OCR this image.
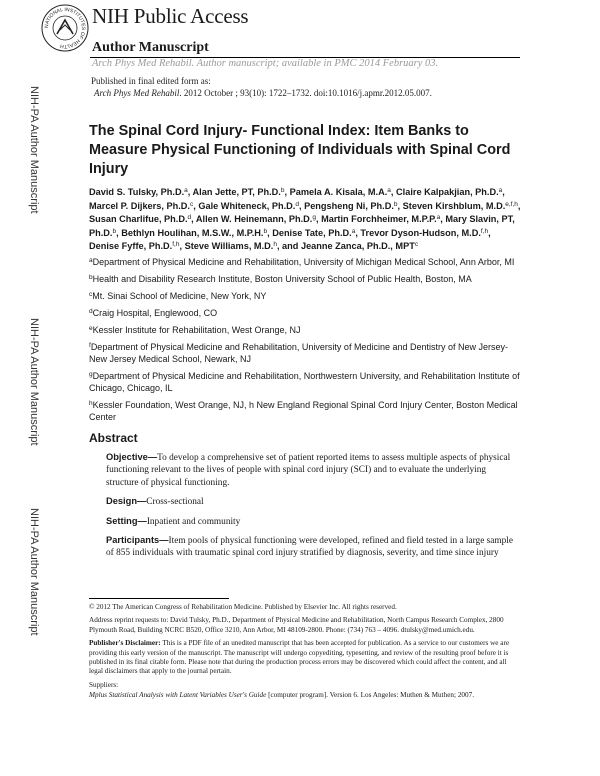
NATIONAL INSTITUTES OF HEALTH
NIH Public Access
Author Manuscript
Arch Phys Med Rehabil. Author manuscript; available in PMC 2014 February 03.
NIH-PA Author Manuscript
NIH-PA Author Manuscript
NIH-PA Author Manuscript
Published in final edited form as:
Arch Phys Med Rehabil. 2012 October ; 93(10): 1722–1732. doi:10.1016/j.apmr.2012.05.007.
The Spinal Cord Injury- Functional Index: Item Banks to Measure Physical Functioning of Individuals with Spinal Cord Injury
David S. Tulsky, Ph.D.$^a$, Alan Jette, PT, Ph.D.$^b$, Pamela A. Kisala, M.A.$^a$, Claire Kalpakjian, Ph.D.$^a$, Marcel P. Dijkers, Ph.D.$^c$, Gale Whiteneck, Ph.D.$^d$, Pengsheng Ni, Ph.D.$^b$, Steven Kirshblum, M.D.$^{e,f,h}$, Susan Charlifue, Ph.D.$^d$, Allen W. Heinemann, Ph.D.$^g$, Martin Forchheimer, M.P.P.$^a$, Mary Slavin, PT, Ph.D.$^b$, Bethlyn Houlihan, M.S.W., M.P.H.$^b$, Denise Tate, Ph.D.$^a$, Trevor Dyson-Hudson, M.D.$^{f,h}$, Denise Fyffe, Ph.D.$^{f,h}$, Steve Williams, M.D.$^h$, and Jeanne Zanca, Ph.D., MPT$^c$
$^a$Department of Physical Medicine and Rehabilitation, University of Michigan Medical School, Ann Arbor, MI
$^b$Health and Disability Research Institute, Boston University School of Public Health, Boston, MA
$^c$Mt. Sinai School of Medicine, New York, NY
$^d$Craig Hospital, Englewood, CO
$^e$Kessler Institute for Rehabilitation, West Orange, NJ
$^f$Department of Physical Medicine and Rehabilitation, University of Medicine and Dentistry of New Jersey-New Jersey Medical School, Newark, NJ
$^g$Department of Physical Medicine and Rehabilitation, Northwestern University, and Rehabilitation Institute of Chicago, Chicago, IL
$^h$Kessler Foundation, West Orange, NJ, h New England Regional Spinal Cord Injury Center, Boston Medical Center
Abstract
Objective—To develop a comprehensive set of patient reported items to assess multiple aspects of physical functioning relevant to the lives of people with spinal cord injury (SCI) and to evaluate the underlying structure of physical functioning.
Design—Cross-sectional
Setting—Inpatient and community
Participants—Item pools of physical functioning were developed, refined and field tested in a large sample of 855 individuals with traumatic spinal cord injury stratified by diagnosis, severity, and time since injury

© 2012 The American Congress of Rehabilitation Medicine. Published by Elsevier Inc. All rights reserved.

Address reprint requests to: David Tulsky, Ph.D., Department of Physical Medicine and Rehabilitation, North Campus Research Complex, 2800 Plymouth Road, Building NCRC B520, Office 3210, Ann Arbor, MI 48109-2800. Phone: (734) 763 – 4096. dtulsky@med.umich.edu.

Publisher's Disclaimer: This is a PDF file of an unedited manuscript that has been accepted for publication. As a service to our customers we are providing this early version of the manuscript. The manuscript will undergo copyediting, typesetting, and review of the resulting proof before it is published in its final citable form. Please note that during the production process errors may be discovered which could affect the content, and all legal disclaimers that apply to the journal pertain.

Suppliers:

Mplus Statistical Analysis with Latent Variables User's Guide [computer program]. Version 6. Los Angeles: Muthen & Muthen; 2007.
